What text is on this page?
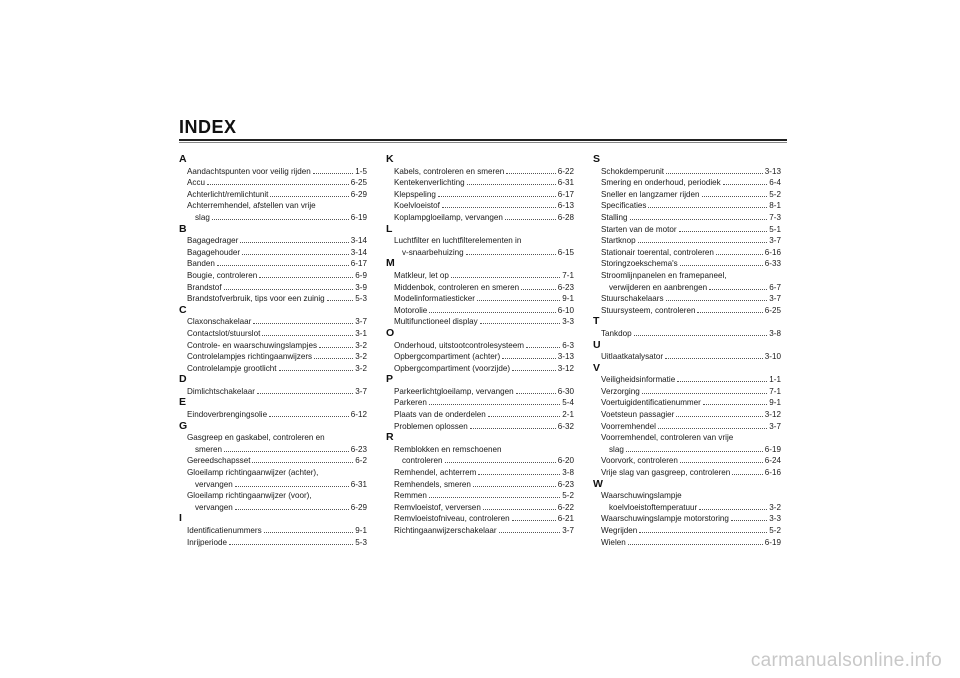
INDEX
A
Aandachtspunten voor veilig rijden	1-5
Accu	6-25
Achterlicht/remlichtunit	6-29
Achterremhendel, afstellen van vrije
slag	6-19
B
Bagagedrager	3-14
Bagagehouder	3-14
Banden	6-17
Bougie, controleren	6-9
Brandstof	3-9
Brandstofverbruik, tips voor een zuinig	5-3
C
Claxonschakelaar	3-7
Contactslot/stuurslot	3-1
Controle- en waarschuwingslampjes	3-2
Controlelampjes richtingaanwijzers	3-2
Controlelampje grootlicht	3-2
D
Dimlichtschakelaar	3-7
E
Eindoverbrengingsolie	6-12
G
Gasgreep en gaskabel, controleren en
smeren	6-23
Gereedschapsset	6-2
Gloeilamp richtingaanwijzer (achter),
vervangen	6-31
Gloeilamp richtingaanwijzer (voor),
vervangen	6-29
I
Identificatienummers	9-1
Inrijperiode	5-3
K
Kabels, controleren en smeren	6-22
Kentekenverlichting	6-31
Klepspeling	6-17
Koelvloeistof	6-13
Koplampgloeilamp, vervangen	6-28
L
Luchtfilter en luchtfilterelementen in
v-snaarbehuizing	6-15
M
Matkleur, let op	7-1
Middenbok, controleren en smeren	6-23
Modelinformatiesticker	9-1
Motorolie	6-10
Multifunctioneel display	3-3
O
Onderhoud, uitstootcontrolesysteem	6-3
Opbergcompartiment (achter)	3-13
Opbergcompartiment (voorzijde)	3-12
P
Parkeerlichtgloeilamp, vervangen	6-30
Parkeren	5-4
Plaats van de onderdelen	2-1
Problemen oplossen	6-32
R
Remblokken en remschoenen
controleren	6-20
Remhendel, achterrem	3-8
Remhendels, smeren	6-23
Remmen	5-2
Remvloeistof, verversen	6-22
Remvloeistofniveau, controleren	6-21
Richtingaanwijzerschakelaar	3-7
S
Schokdemperunit	3-13
Smering en onderhoud, periodiek	6-4
Sneller en langzamer rijden	5-2
Specificaties	8-1
Stalling	7-3
Starten van de motor	5-1
Startknop	3-7
Stationair toerental, controleren	6-16
Storingzoekschema's	6-33
Stroomlijnpanelen en framepaneel,
verwijderen en aanbrengen	6-7
Stuurschakelaars	3-7
Stuursysteem, controleren	6-25
T
Tankdop	3-8
U
Uitlaatkatalysator	3-10
V
Veiligheidsinformatie	1-1
Verzorging	7-1
Voertuigidentificatienummer	9-1
Voetsteun passagier	3-12
Voorremhendel	3-7
Voorremhendel, controleren van vrije
slag	6-19
Voorvork, controleren	6-24
Vrije slag van gasgreep, controleren	6-16
W
Waarschuwingslampje
koelvloeistoftemperatuur	3-2
Waarschuwingslampje motorstoring	3-3
Wegrijden	5-2
Wielen	6-19
carmanualsonline.info
